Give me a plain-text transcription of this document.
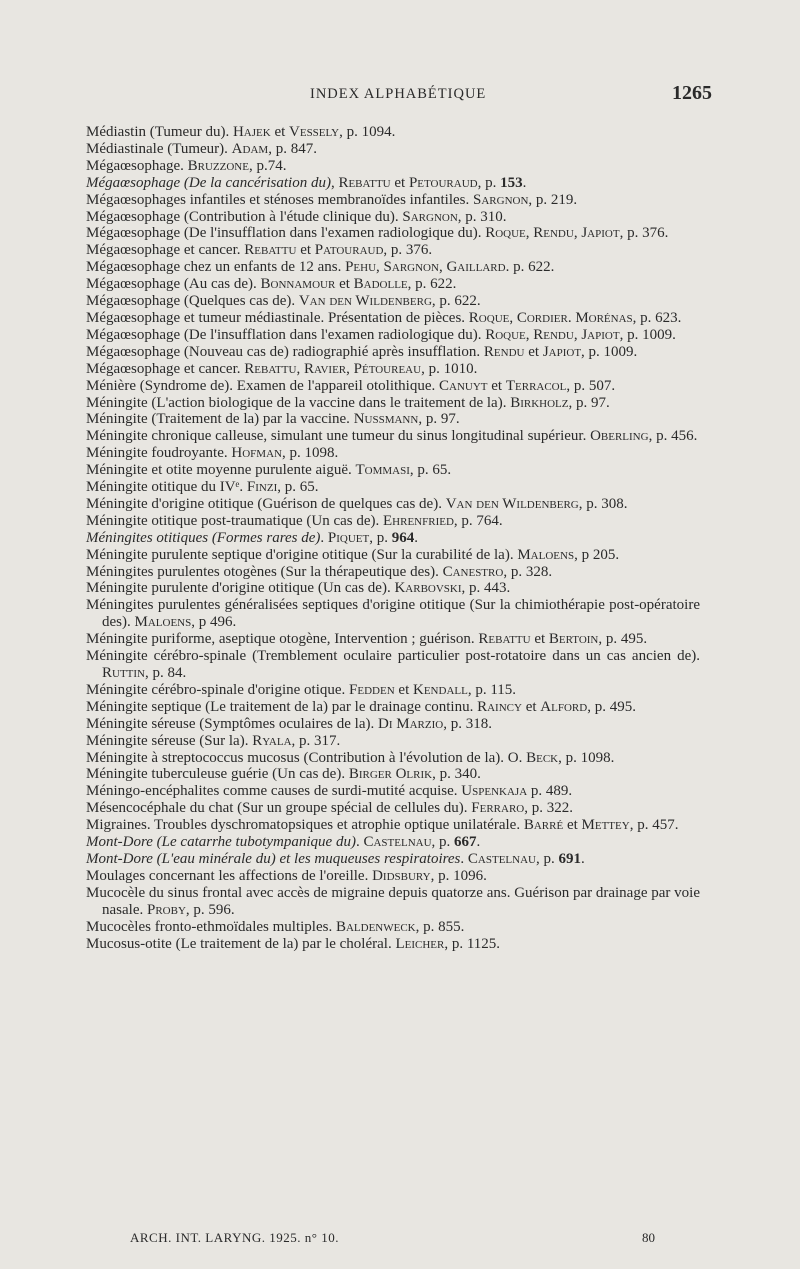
INDEX ALPHABÉTIQUE	1265

Médiastin (Tumeur du). Hajek et Vessely, p. 1094.

Médiastinale (Tumeur). Adam, p. 847.

Mégaœsophage. Bruzzone, p.74.

Mégaœsophage (De la cancérisation du), Rebattu et Petouraud, p. 153.

Mégaœsophages infantiles et sténoses membranoïdes infantiles. Sargnon, p. 219.

Mégaœsophage (Contribution à l'étude clinique du). Sargnon, p. 310.

Mégaœsophage (De l'insufflation dans l'examen radiologique du). Roque, Rendu, Japiot, p. 376.

Mégaœsophage et cancer. Rebattu et Patouraud, p. 376.

Mégaœsophage chez un enfants de 12 ans. Pehu, Sargnon, Gaillard. p. 622.

Mégaœsophage (Au cas de). Bonnamour et Badolle, p. 622.

Mégaœsophage (Quelques cas de). Van den Wildenberg, p. 622.

Mégaœsophage et tumeur médiastinale. Présentation de pièces. Roque, Cordier. Morénas, p. 623.

Mégaœsophage (De l'insufflation dans l'examen radiologique du). Roque, Rendu, Japiot, p. 1009.

Mégaœsophage (Nouveau cas de) radiographié après insufflation. Rendu et Japiot, p. 1009.

Mégaœsophage et cancer. Rebattu, Ravier, Pétoureau, p. 1010.

Ménière (Syndrome de). Examen de l'appareil otolithique. Canuyt et Terracol, p. 507.

Méningite (L'action biologique de la vaccine dans le traitement de la). Birkholz, p. 97.

Méningite (Traitement de la) par la vaccine. Nussmann, p. 97.

Méningite chronique calleuse, simulant une tumeur du sinus longitudinal supérieur. Oberling, p. 456.

Méningite foudroyante. Hofman, p. 1098.

Méningite et otite moyenne purulente aiguë. Tommasi, p. 65.

Méningite otitique du IVᵉ. Finzi, p. 65.

Méningite d'origine otitique (Guérison de quelques cas de). Van den Wildenberg, p. 308.

Méningite otitique post-traumatique (Un cas de). Ehrenfried, p. 764.

Méningites otitiques (Formes rares de). Piquet, p. 964.

Méningite purulente septique d'origine otitique (Sur la curabilité de la). Maloens, p 205.

Méningites purulentes otogènes (Sur la thérapeutique des). Canestro, p. 328.

Méningite purulente d'origine otitique (Un cas de). Karbovski, p. 443.

Méningites purulentes généralisées septiques d'origine otitique (Sur la chimiothérapie post-opératoire des). Maloens, p 496.

Méningite puriforme, aseptique otogène, Intervention ; guérison. Rebattu et Bertoin, p. 495.

Méningite cérébro-spinale (Tremblement oculaire particulier post-rotatoire dans un cas ancien de). Ruttin, p. 84.

Méningite cérébro-spinale d'origine otique. Fedden et Kendall, p. 115.

Méningite septique (Le traitement de la) par le drainage continu. Raincy et Alford, p. 495.

Méningite séreuse (Symptômes oculaires de la). Di Marzio, p. 318.

Méningite séreuse (Sur la). Ryala, p. 317.

Méningite à streptococcus mucosus (Contribution à l'évolution de la). O. Beck, p. 1098.

Méningite tuberculeuse guérie (Un cas de). Birger Olrik, p. 340.

Méningo-encéphalites comme causes de surdi-mutité acquise. Uspenkaja p. 489.

Mésencocéphale du chat (Sur un groupe spécial de cellules du). Ferraro, p. 322.

Migraines. Troubles dyschromatopsiques et atrophie optique unilatérale. Barré et Mettey, p. 457.

Mont-Dore (Le catarrhe tubotympanique du). Castelnau, p. 667.

Mont-Dore (L'eau minérale du) et les muqueuses respiratoires. Castelnau, p. 691.

Moulages concernant les affections de l'oreille. Didsbury, p. 1096.

Mucocèle du sinus frontal avec accès de migraine depuis quatorze ans. Guérison par drainage par voie nasale. Proby, p. 596.

Mucocèles fronto-ethmoïdales multiples. Baldenweck, p. 855.

Mucosus-otite (Le traitement de la) par le choléral. Leicher, p. 1125.

ARCH. INT. LARYNG. 1925. n° 10.	80
